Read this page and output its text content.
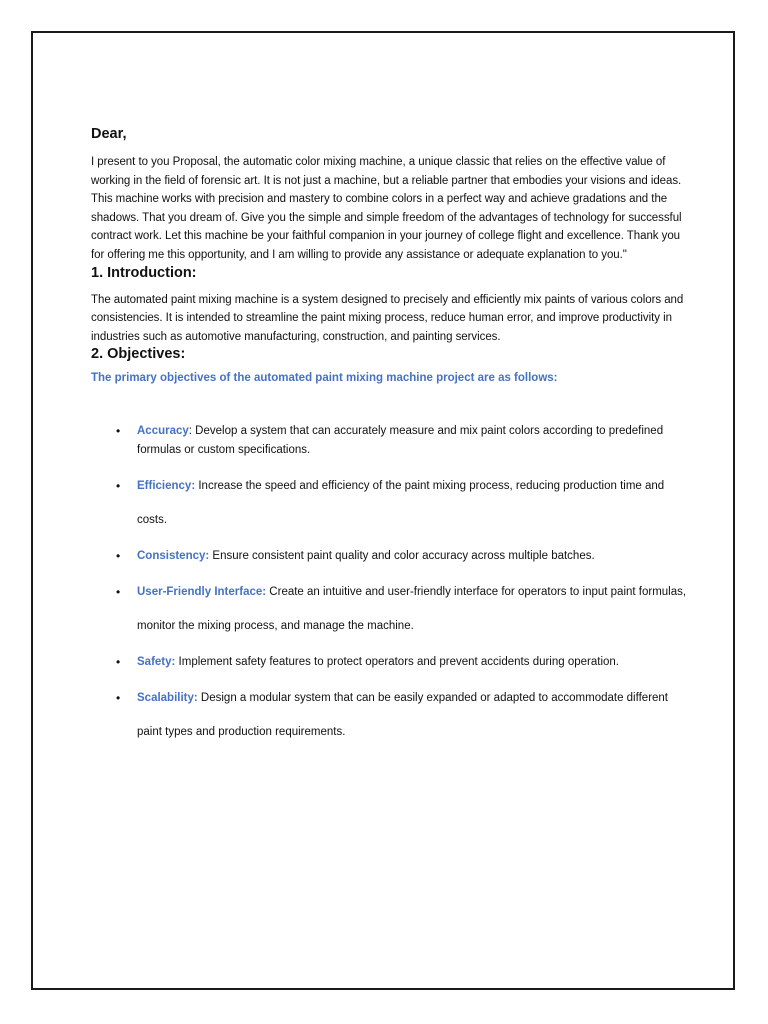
Dear,

I present to you Proposal, the automatic color mixing machine, a unique classic that relies on the effective value of working in the field of forensic art. It is not just a machine, but a reliable partner that embodies your visions and ideas. This machine works with precision and mastery to combine colors in a perfect way and achieve gradations and the shadows. That you dream of. Give you the simple and simple freedom of the advantages of technology for successful contract work. Let this machine be your faithful companion in your journey of college flight and excellence. Thank you for offering me this opportunity, and I am willing to provide any assistance or adequate explanation to you."

1. Introduction:

The automated paint mixing machine is a system designed to precisely and efficiently mix paints of various colors and consistencies. It is intended to streamline the paint mixing process, reduce human error, and improve productivity in industries such as automotive manufacturing, construction, and painting services.

2. Objectives:

The primary objectives of the automated paint mixing machine project are as follows:

• Accuracy: Develop a system that can accurately measure and mix paint colors according to predefined formulas or custom specifications.
• Efficiency: Increase the speed and efficiency of the paint mixing process, reducing production time and costs.
• Consistency: Ensure consistent paint quality and color accuracy across multiple batches.
• User-Friendly Interface: Create an intuitive and user-friendly interface for operators to input paint formulas, monitor the mixing process, and manage the machine.
• Safety: Implement safety features to protect operators and prevent accidents during operation.
• Scalability: Design a modular system that can be easily expanded or adapted to accommodate different paint types and production requirements.
